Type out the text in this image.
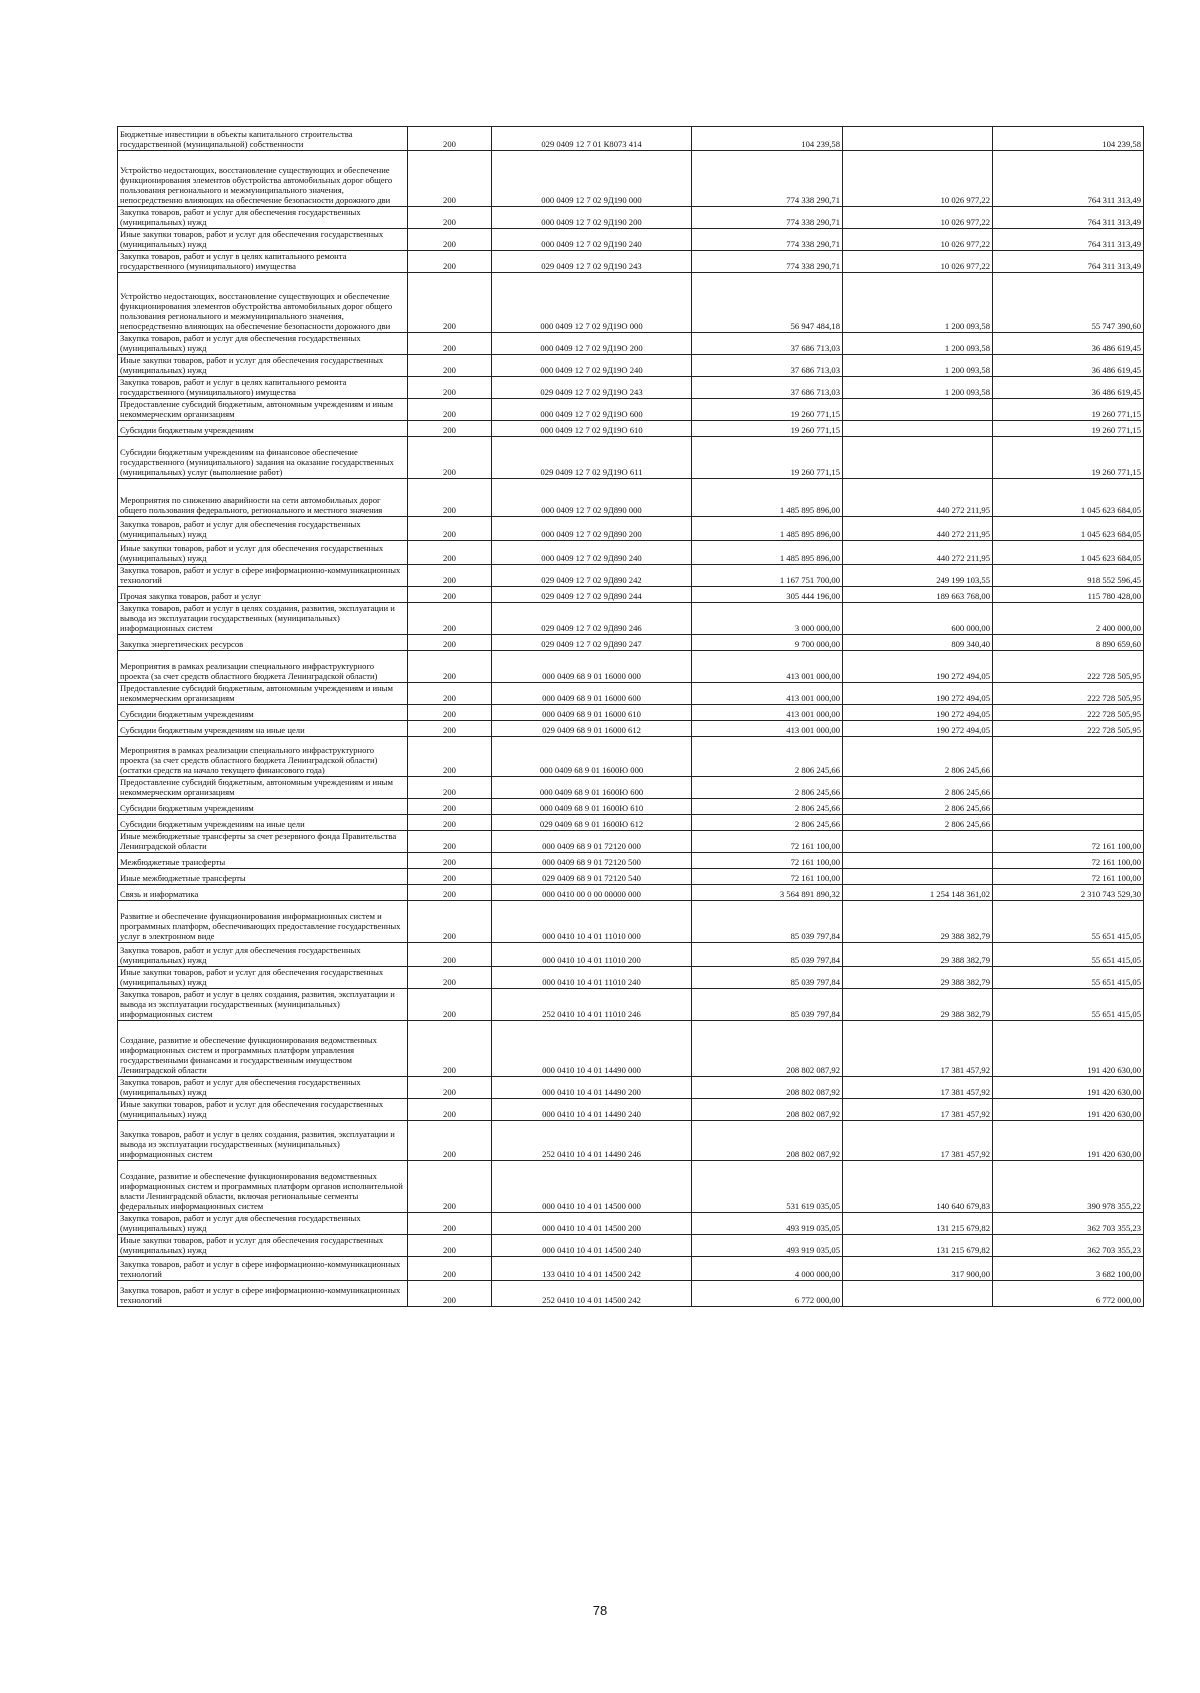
Бюджетные инвестиции в объекты капитального строительства государственной (муниципальной) собственности	200	029 0409 12 7 01 К8073 414	104 239,58		104 239,58
Устройство недостающих, восстановление существующих и обеспечение функционирования элементов обустройства автомобильных дорог общего пользования регионального и межмуниципального значения, непосредственно влияющих на обеспечение безопасности дорожного дви	200	000 0409 12 7 02 9Д190 000	774 338 290,71	10 026 977,22	764 311 313,49
Закупка товаров, работ и услуг для обеспечения государственных (муниципальных) нужд	200	000 0409 12 7 02 9Д190 200	774 338 290,71	10 026 977,22	764 311 313,49
Иные закупки товаров, работ и услуг для обеспечения государственных (муниципальных) нужд	200	000 0409 12 7 02 9Д190 240	774 338 290,71	10 026 977,22	764 311 313,49
Закупка товаров, работ и услуг в целях капитального ремонта государственного (муниципального) имущества	200	029 0409 12 7 02 9Д190 243	774 338 290,71	10 026 977,22	764 311 313,49
Устройство недостающих, восстановление существующих и обеспечение функционирования элементов обустройства автомобильных дорог общего пользования регионального и межмуниципального значения, непосредственно влияющих на обеспечение безопасности дорожного дви	200	000 0409 12 7 02 9Д19О 000	56 947 484,18	1 200 093,58	55 747 390,60
Закупка товаров, работ и услуг для обеспечения государственных (муниципальных) нужд	200	000 0409 12 7 02 9Д19О 200	37 686 713,03	1 200 093,58	36 486 619,45
Иные закупки товаров, работ и услуг для обеспечения государственных (муниципальных) нужд	200	000 0409 12 7 02 9Д19О 240	37 686 713,03	1 200 093,58	36 486 619,45
Закупка товаров, работ и услуг в целях капитального ремонта государственного (муниципального) имущества	200	029 0409 12 7 02 9Д19О 243	37 686 713,03	1 200 093,58	36 486 619,45
Предоставление субсидий бюджетным, автономным учреждениям и иным некоммерческим организациям	200	000 0409 12 7 02 9Д19О 600	19 260 771,15		19 260 771,15
Субсидии бюджетным учреждениям	200	000 0409 12 7 02 9Д19О 610	19 260 771,15		19 260 771,15
Субсидии бюджетным учреждениям на финансовое обеспечение государственного (муниципального) задания на оказание государственных (муниципальных) услуг (выполнение работ)	200	029 0409 12 7 02 9Д19О 611	19 260 771,15		19 260 771,15
Мероприятия по снижению аварийности на сети автомобильных дорог общего пользования федерального, регионального и местного значения	200	000 0409 12 7 02 9Д890 000	1 485 895 896,00	440 272 211,95	1 045 623 684,05
Закупка товаров, работ и услуг для обеспечения государственных (муниципальных) нужд	200	000 0409 12 7 02 9Д890 200	1 485 895 896,00	440 272 211,95	1 045 623 684,05
Иные закупки товаров, работ и услуг для обеспечения государственных (муниципальных) нужд	200	000 0409 12 7 02 9Д890 240	1 485 895 896,00	440 272 211,95	1 045 623 684,05
Закупка товаров, работ и услуг в сфере информационно-коммуникационных технологий	200	029 0409 12 7 02 9Д890 242	1 167 751 700,00	249 199 103,55	918 552 596,45
Прочая закупка товаров, работ и услуг	200	029 0409 12 7 02 9Д890 244	305 444 196,00	189 663 768,00	115 780 428,00
Закупка товаров, работ и услуг в целях создания, развития, эксплуатации и вывода из эксплуатации государственных (муниципальных) информационных систем	200	029 0409 12 7 02 9Д890 246	3 000 000,00	600 000,00	2 400 000,00
Закупка энергетических ресурсов	200	029 0409 12 7 02 9Д890 247	9 700 000,00	809 340,40	8 890 659,60
Мероприятия в рамках реализации специального инфраструктурного проекта (за счет средств областного бюджета Ленинградской области)	200	000 0409 68 9 01 16000 000	413 001 000,00	190 272 494,05	222 728 505,95
Предоставление субсидий бюджетным, автономным учреждениям и иным некоммерческим организациям	200	000 0409 68 9 01 16000 600	413 001 000,00	190 272 494,05	222 728 505,95
Субсидии бюджетным учреждениям	200	000 0409 68 9 01 16000 610	413 001 000,00	190 272 494,05	222 728 505,95
Субсидии бюджетным учреждениям на иные цели	200	029 0409 68 9 01 16000 612	413 001 000,00	190 272 494,05	222 728 505,95
Мероприятия в рамках реализации специального инфраструктурного проекта (за счет средств областного бюджета Ленинградской области) (остатки средств на начало текущего финансового года)	200	000 0409 68 9 01 1600Ю 000	2 806 245,66	2 806 245,66	
Предоставление субсидий бюджетным, автономным учреждениям и иным некоммерческим организациям	200	000 0409 68 9 01 1600Ю 600	2 806 245,66	2 806 245,66	
Субсидии бюджетным учреждениям	200	000 0409 68 9 01 1600Ю 610	2 806 245,66	2 806 245,66	
Субсидии бюджетным учреждениям на иные цели	200	029 0409 68 9 01 1600Ю 612	2 806 245,66	2 806 245,66	
Иные межбюджетные трансферты за счет резервного фонда Правительства Ленинградской области	200	000 0409 68 9 01 72120 000	72 161 100,00		72 161 100,00
Межбюджетные трансферты	200	000 0409 68 9 01 72120 500	72 161 100,00		72 161 100,00
Иные межбюджетные трансферты	200	029 0409 68 9 01 72120 540	72 161 100,00		72 161 100,00
Связь и информатика	200	000 0410 00 0 00 00000 000	3 564 891 890,32	1 254 148 361,02	2 310 743 529,30
Развитие и обеспечение функционирования информационных систем и программных платформ, обеспечивающих предоставление государственных услуг в электронном виде	200	000 0410 10 4 01 11010 000	85 039 797,84	29 388 382,79	55 651 415,05
Закупка товаров, работ и услуг для обеспечения государственных (муниципальных) нужд	200	000 0410 10 4 01 11010 200	85 039 797,84	29 388 382,79	55 651 415,05
Иные закупки товаров, работ и услуг для обеспечения государственных (муниципальных) нужд	200	000 0410 10 4 01 11010 240	85 039 797,84	29 388 382,79	55 651 415,05
Закупка товаров, работ и услуг в целях создания, развития, эксплуатации и вывода из эксплуатации государственных (муниципальных) информационных систем	200	252 0410 10 4 01 11010 246	85 039 797,84	29 388 382,79	55 651 415,05
Создание, развитие и обеспечение функционирования ведомственных информационных систем и программных платформ управления государственными финансами и государственным имуществом Ленинградской области	200	000 0410 10 4 01 14490 000	208 802 087,92	17 381 457,92	191 420 630,00
Закупка товаров, работ и услуг для обеспечения государственных (муниципальных) нужд	200	000 0410 10 4 01 14490 200	208 802 087,92	17 381 457,92	191 420 630,00
Иные закупки товаров, работ и услуг для обеспечения государственных (муниципальных) нужд	200	000 0410 10 4 01 14490 240	208 802 087,92	17 381 457,92	191 420 630,00
Закупка товаров, работ и услуг в целях создания, развития, эксплуатации и вывода из эксплуатации государственных (муниципальных) информационных систем	200	252 0410 10 4 01 14490 246	208 802 087,92	17 381 457,92	191 420 630,00
Создание, развитие и обеспечение функционирования ведомственных информационных систем и программных платформ органов исполнительной власти Ленинградской области, включая региональные сегменты федеральных информационных систем	200	000 0410 10 4 01 14500 000	531 619 035,05	140 640 679,83	390 978 355,22
Закупка товаров, работ и услуг для обеспечения государственных (муниципальных) нужд	200	000 0410 10 4 01 14500 200	493 919 035,05	131 215 679,82	362 703 355,23
Иные закупки товаров, работ и услуг для обеспечения государственных (муниципальных) нужд	200	000 0410 10 4 01 14500 240	493 919 035,05	131 215 679,82	362 703 355,23
Закупка товаров, работ и услуг в сфере информационно-коммуникационных технологий	200	133 0410 10 4 01 14500 242	4 000 000,00	317 900,00	3 682 100,00
Закупка товаров, работ и услуг в сфере информационно-коммуникационных технологий	200	252 0410 10 4 01 14500 242	6 772 000,00		6 772 000,00
78
